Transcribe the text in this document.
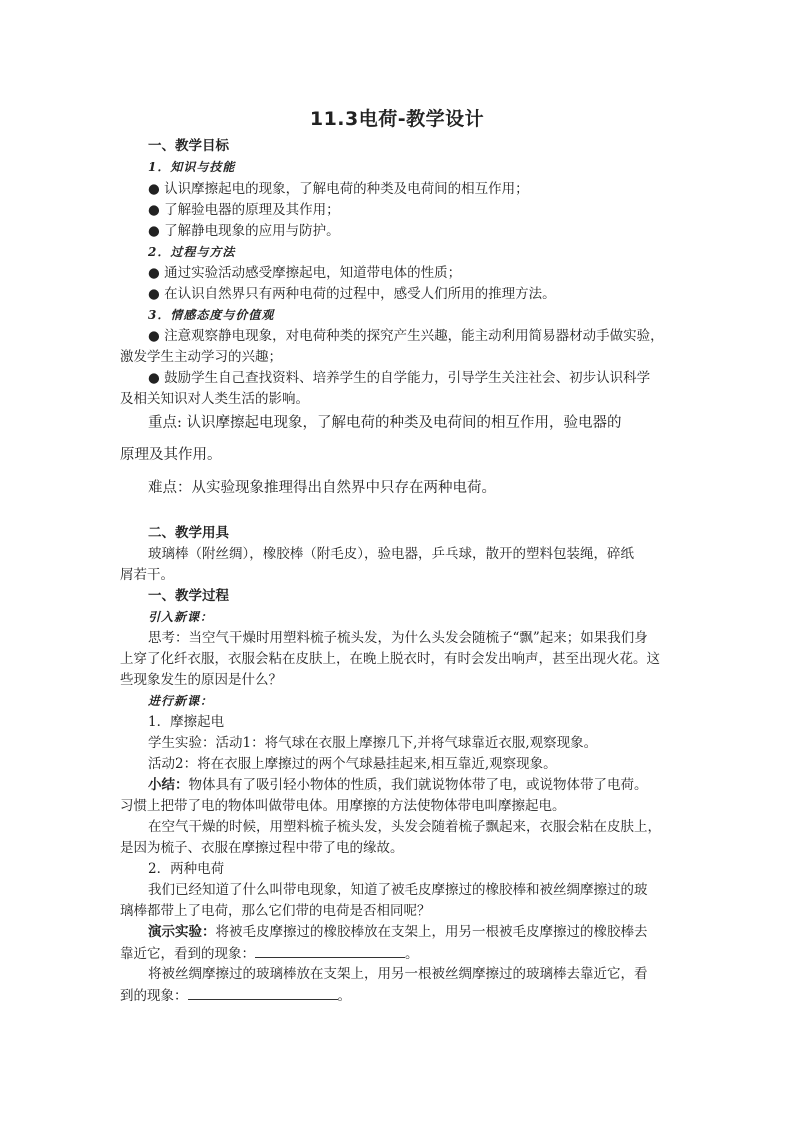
11.3电荷-教学设计
一、教学目标
1．知识与技能
● 认识摩擦起电的现象，了解电荷的种类及电荷间的相互作用；
● 了解验电器的原理及其作用；
● 了解静电现象的应用与防护。
2．过程与方法
● 通过实验活动感受摩擦起电，知道带电体的性质；
● 在认识自然界只有两种电荷的过程中，感受人们所用的推理方法。
3．情感态度与价值观
● 注意观察静电现象，对电荷种类的探究产生兴趣，能主动利用简易器材动手做实验，
激发学生主动学习的兴趣；
● 鼓励学生自己查找资料、培养学生的自学能力，引导学生关注社会、初步认识科学
及相关知识对人类生活的影响。
重点: 认识摩擦起电现象，了解电荷的种类及电荷间的相互作用，验电器的
原理及其作用。
难点：从实验现象推理得出自然界中只存在两种电荷。
二、教学用具
玻璃棒（附丝绸），橡胶棒（附毛皮），验电器，乒乓球，散开的塑料包装绳，碎纸
屑若干。
一、教学过程
引入新课：
思考：当空气干燥时用塑料梳子梳头发，为什么头发会随梳子“飘”起来；如果我们身
上穿了化纤衣服，衣服会粘在皮肤上，在晚上脱衣时，有时会发出响声，甚至出现火花。这
些现象发生的原因是什么？
进行新课：
1．摩擦起电
学生实验：活动1：将气球在衣服上摩擦几下,并将气球靠近衣服,观察现象。
活动2：将在衣服上摩擦过的两个气球悬挂起来,相互靠近,观察现象。
小结：物体具有了吸引轻小物体的性质，我们就说物体带了电，或说物体带了电荷。
习惯上把带了电的物体叫做带电体。用摩擦的方法使物体带电叫摩擦起电。
在空气干燥的时候，用塑料梳子梳头发，头发会随着梳子飘起来，衣服会粘在皮肤上，
是因为梳子、衣服在摩擦过程中带了电的缘故。
2．两种电荷
我们已经知道了什么叫带电现象，知道了被毛皮摩擦过的橡胶棒和被丝绸摩擦过的玻
璃棒都带上了电荷，那么它们带的电荷是否相同呢？
演示实验：将被毛皮摩擦过的橡胶棒放在支架上，用另一根被毛皮摩擦过的橡胶棒去
靠近它，看到的现象：	。
将被丝绸摩擦过的玻璃棒放在支架上，用另一根被丝绸摩擦过的玻璃棒去靠近它，看
到的现象：	。
